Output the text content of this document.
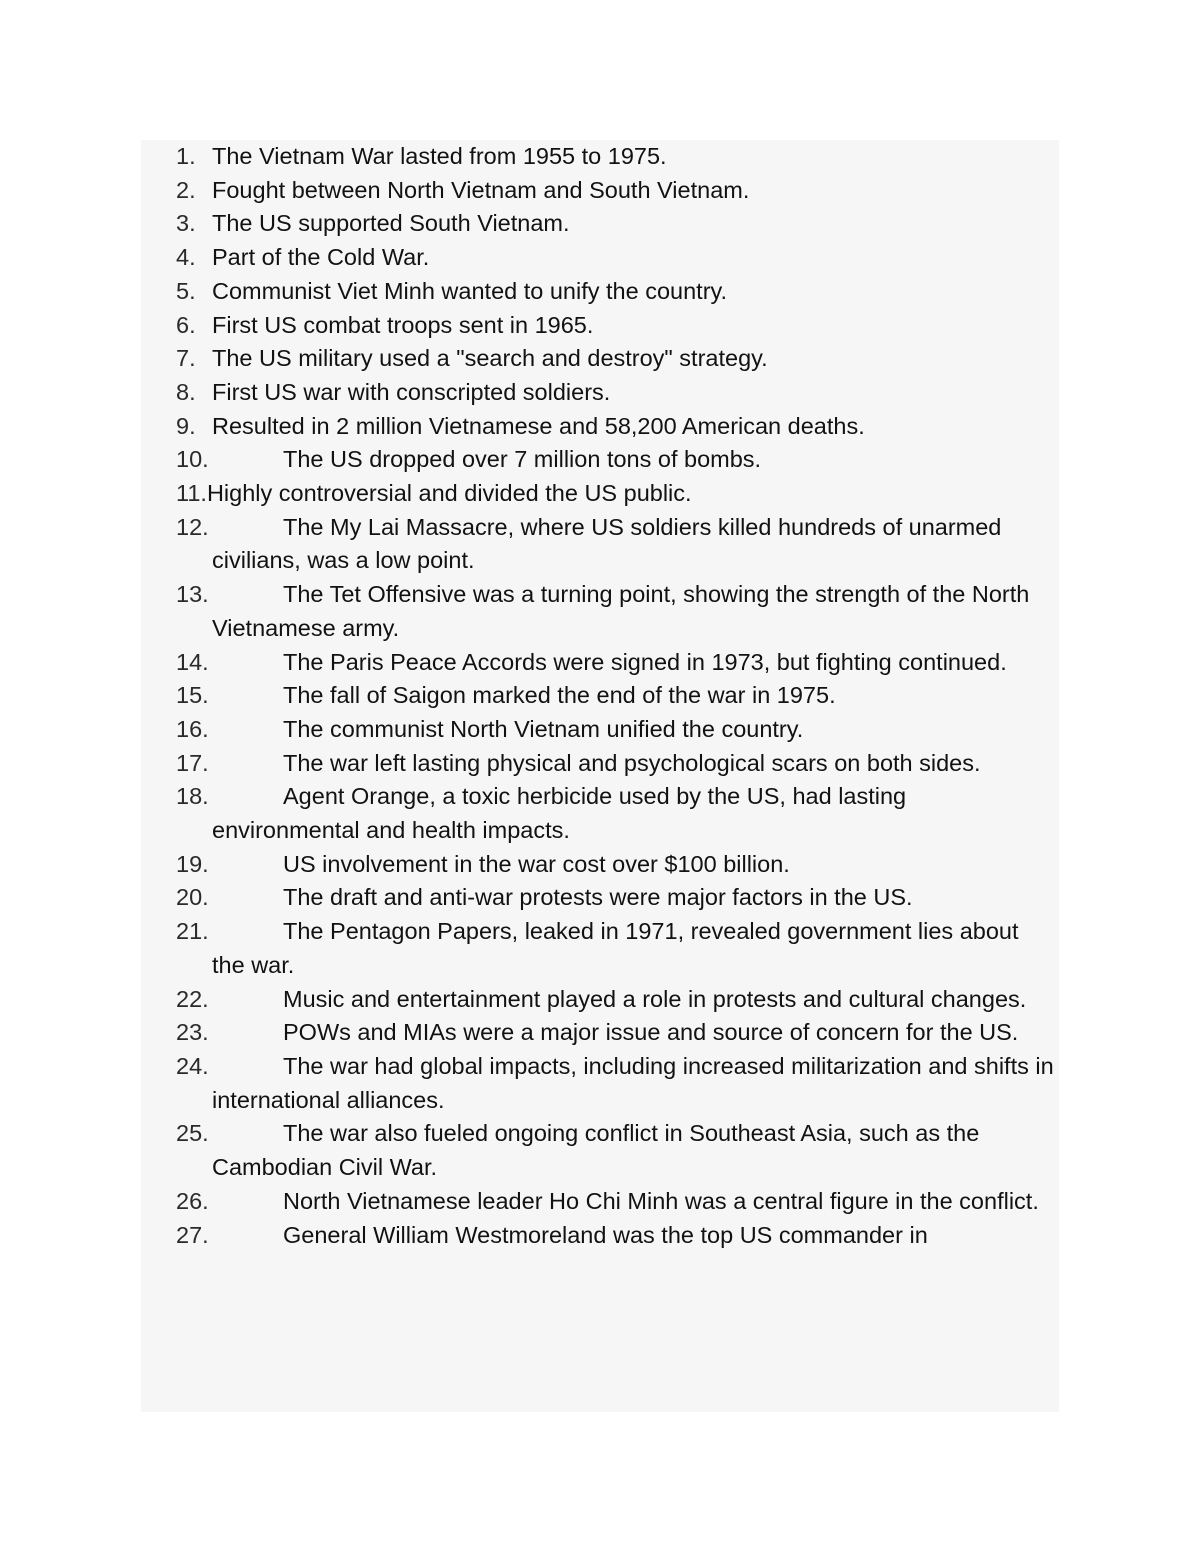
1. The Vietnam War lasted from 1955 to 1975.
2. Fought between North Vietnam and South Vietnam.
3. The US supported South Vietnam.
4. Part of the Cold War.
5. Communist Viet Minh wanted to unify the country.
6. First US combat troops sent in 1965.
7. The US military used a "search and destroy" strategy.
8. First US war with conscripted soldiers.
9. Resulted in 2 million Vietnamese and 58,200 American deaths.
10.	The US dropped over 7 million tons of bombs.
11.Highly controversial and divided the US public.
12.	The My Lai Massacre, where US soldiers killed hundreds of unarmed civilians, was a low point.
13.	The Tet Offensive was a turning point, showing the strength of the North Vietnamese army.
14.	The Paris Peace Accords were signed in 1973, but fighting continued.
15.	The fall of Saigon marked the end of the war in 1975.
16.	The communist North Vietnam unified the country.
17.	The war left lasting physical and psychological scars on both sides.
18.	Agent Orange, a toxic herbicide used by the US, had lasting environmental and health impacts.
19.	US involvement in the war cost over $100 billion.
20.	The draft and anti-war protests were major factors in the US.
21.	The Pentagon Papers, leaked in 1971, revealed government lies about the war.
22.	Music and entertainment played a role in protests and cultural changes.
23.	POWs and MIAs were a major issue and source of concern for the US.
24.	The war had global impacts, including increased militarization and shifts in international alliances.
25.	The war also fueled ongoing conflict in Southeast Asia, such as the Cambodian Civil War.
26.	North Vietnamese leader Ho Chi Minh was a central figure in the conflict.
27.	General William Westmoreland was the top US commander in
